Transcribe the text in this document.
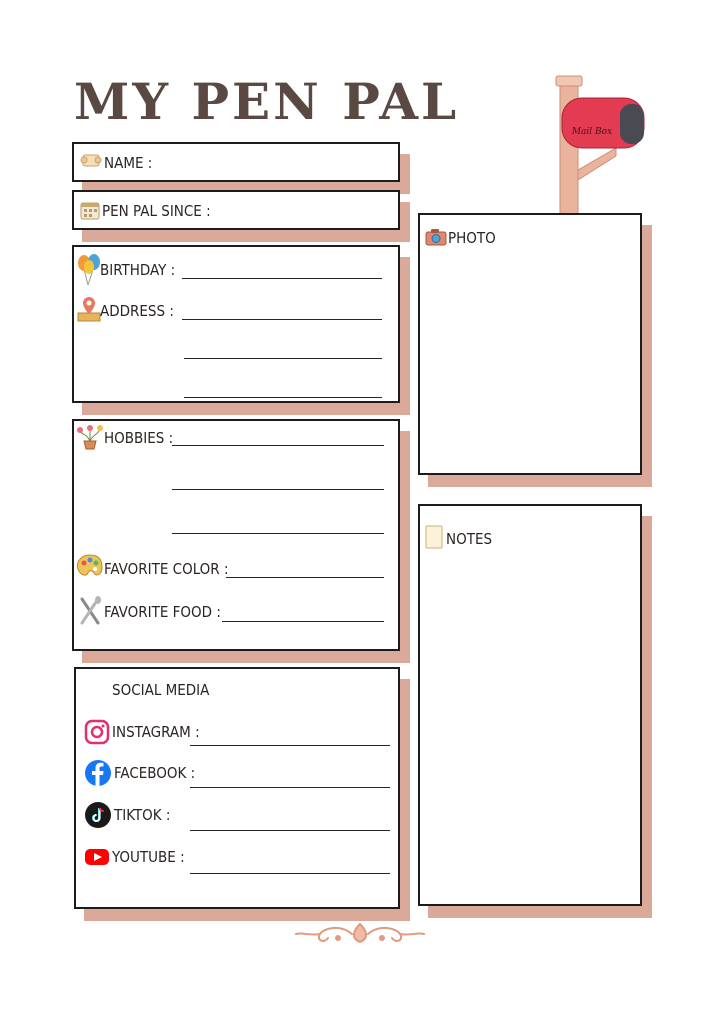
MY PEN PAL
Mail Box
NAME :
PEN PAL SINCE :
BIRTHDAY :
ADDRESS :
HOBBIES :
FAVORITE COLOR :
FAVORITE FOOD :
SOCIAL MEDIA
INSTAGRAM :
FACEBOOK :
TIKTOK :
YOUTUBE :
PHOTO
NOTES
